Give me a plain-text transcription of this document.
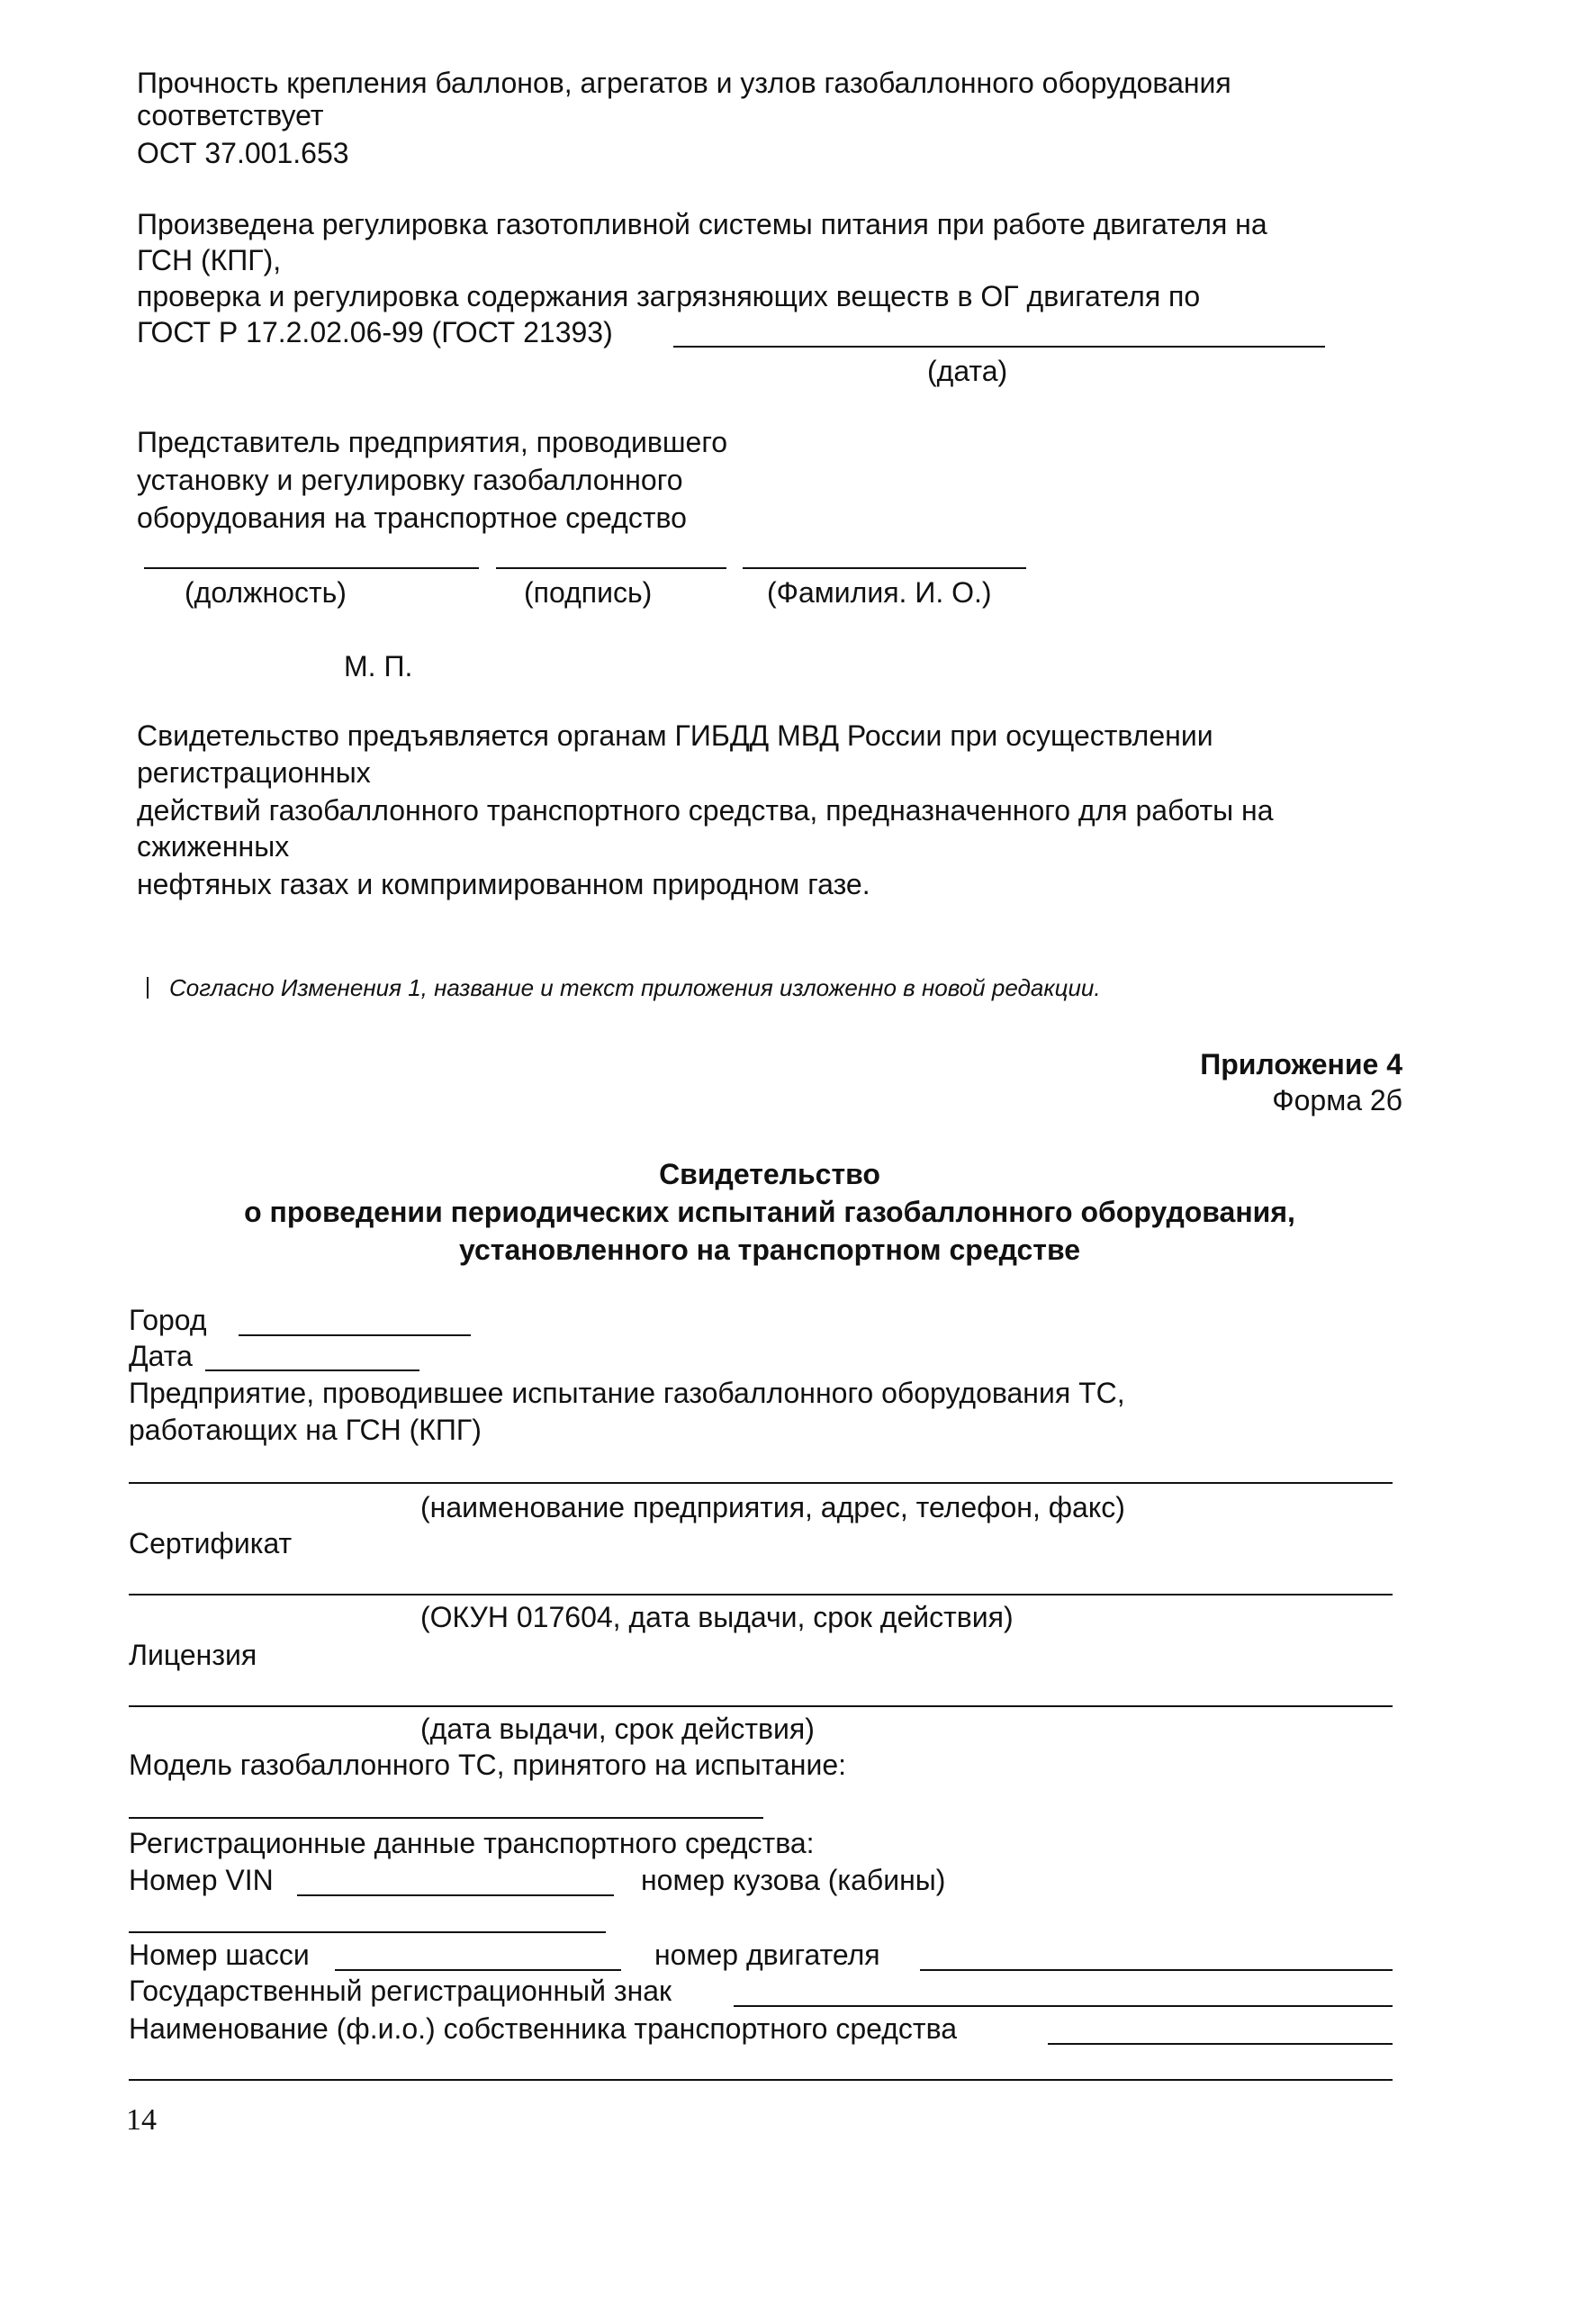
Прочность крепления баллонов, агрегатов и узлов газобаллонного оборудования
соответствует
ОСТ 37.001.653
Произведена регулировка газотопливной системы питания при работе двигателя на
ГСН (КПГ),
проверка и регулировка содержания загрязняющих веществ в ОГ двигателя по
ГОСТ Р 17.2.02.06-99 (ГОСТ 21393)
(дата)
Представитель предприятия, проводившего
установку и регулировку газобаллонного
оборудования на транспортное средство
(должность)	(подпись)	(Фамилия. И. О.)
М. П.
Свидетельство предъявляется органам ГИБДД МВД России при осуществлении
регистрационных
действий газобаллонного транспортного средства, предназначенного для работы на
сжиженных
нефтяных газах и компримированном природном газе.
Согласно Изменения 1, название и текст приложения изложенно в новой редакции.
Приложение 4
Форма 2б
Свидетельство
о проведении периодических испытаний газобаллонного оборудования,
установленного на транспортном средстве
Город
Дата
Предприятие, проводившее испытание газобаллонного оборудования ТС,
работающих на ГСН (КПГ)
(наименование предприятия, адрес, телефон, факс)
Сертификат
(ОКУН 017604, дата выдачи, срок действия)
Лицензия
(дата выдачи, срок действия)
Модель газобаллонного ТС, принятого на испытание:
Регистрационные данные транспортного средства:
Номер VIN	номер кузова (кабины)
Номер шасси	номер двигателя
Государственный регистрационный знак
Наименование (ф.и.о.) собственника транспортного средства
14
